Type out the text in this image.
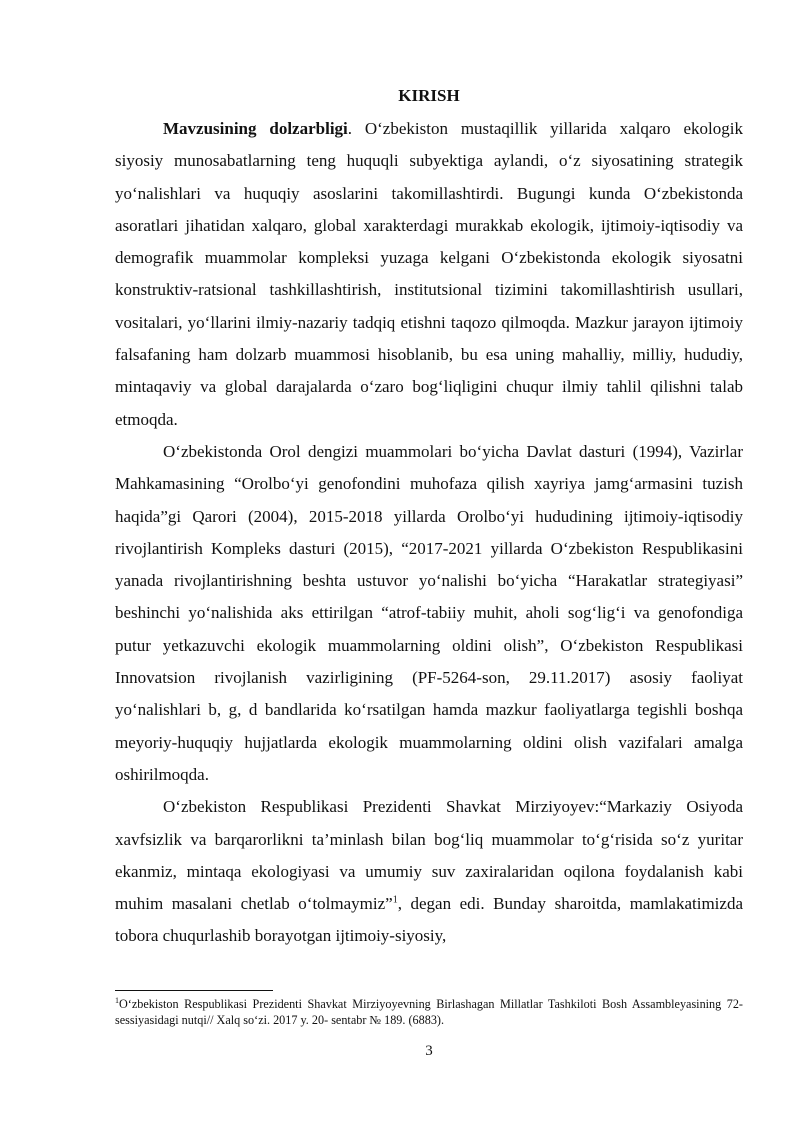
KIRISH

Mavzusining dolzarbligi. O‘zbekiston mustaqillik yillarida xalqaro ekologik siyosiy munosabatlarning teng huquqli subyektiga aylandi, o‘z siyosatining strategik yo‘nalishlari va huquqiy asoslarini takomillashtirdi. Bugungi kunda O‘zbekistonda asoratlari jihatidan xalqaro, global xarakterdagi murakkab ekologik, ijtimoiy-iqtisodiy va demografik muammolar kompleksi yuzaga kelgani O‘zbekistonda ekologik siyosatni konstruktiv-ratsional tashkillashtirish, institutsional tizimini takomillashtirish usullari, vositalari, yo‘llarini ilmiy-nazariy tadqiq etishni taqozo qilmoqda. Mazkur jarayon ijtimoiy falsafaning ham dolzarb muammosi hisoblanib, bu esa uning mahalliy, milliy, hududiy, mintaqaviy va global darajalarda o‘zaro bog‘liqligini chuqur ilmiy tahlil qilishni talab etmoqda.

O‘zbekistonda Orol dengizi muammolari bo‘yicha Davlat dasturi (1994), Vazirlar Mahkamasining “Orolbo‘yi genofondini muhofaza qilish xayriya jamg‘armasini tuzish haqida”gi Qarori (2004), 2015-2018 yillarda Orolbo‘yi hududining ijtimoiy-iqtisodiy rivojlantirish Kompleks dasturi (2015), “2017-2021 yillarda O‘zbekiston Respublikasini yanada rivojlantirishning beshta ustuvor yo‘nalishi bo‘yicha “Harakatlar strategiyasi” beshinchi yo‘nalishida aks ettirilgan “atrof-tabiiy muhit, aholi sog‘lig‘i va genofondiga putur yetkazuvchi ekologik muammolarning oldini olish”, O‘zbekiston Respublikasi Innovatsion rivojlanish vazirligining (PF-5264-son, 29.11.2017) asosiy faoliyat yo‘nalishlari b, g, d bandlarida ko‘rsatilgan hamda mazkur faoliyatlarga tegishli boshqa meyoriy-huquqiy hujjatlarda ekologik muammolarning oldini olish vazifalari amalga oshirilmoqda.

O‘zbekiston Respublikasi Prezidenti Shavkat Mirziyoyev:“Markaziy Osiyoda xavfsizlik va barqarorlikni ta’minlash bilan bog‘liq muammolar to‘g‘risida so‘z yuritar ekanmiz, mintaqa ekologiyasi va umumiy suv zaxiralaridan oqilona foydalanish kabi muhim masalani chetlab o‘tolmaymiz”$^1$, degan edi. Bunday sharoitda, mamlakatimizda tobora chuqurlashib borayotgan ijtimoiy-siyosiy,

$^1$O‘zbekiston Respublikasi Prezidenti Shavkat Mirziyoyevning Birlashagan Millatlar Tashkiloti Bosh Assambleyasining 72-sessiyasidagi nutqi// Xalq so‘zi. 2017 y. 20- sentabr № 189. (6883).
3
